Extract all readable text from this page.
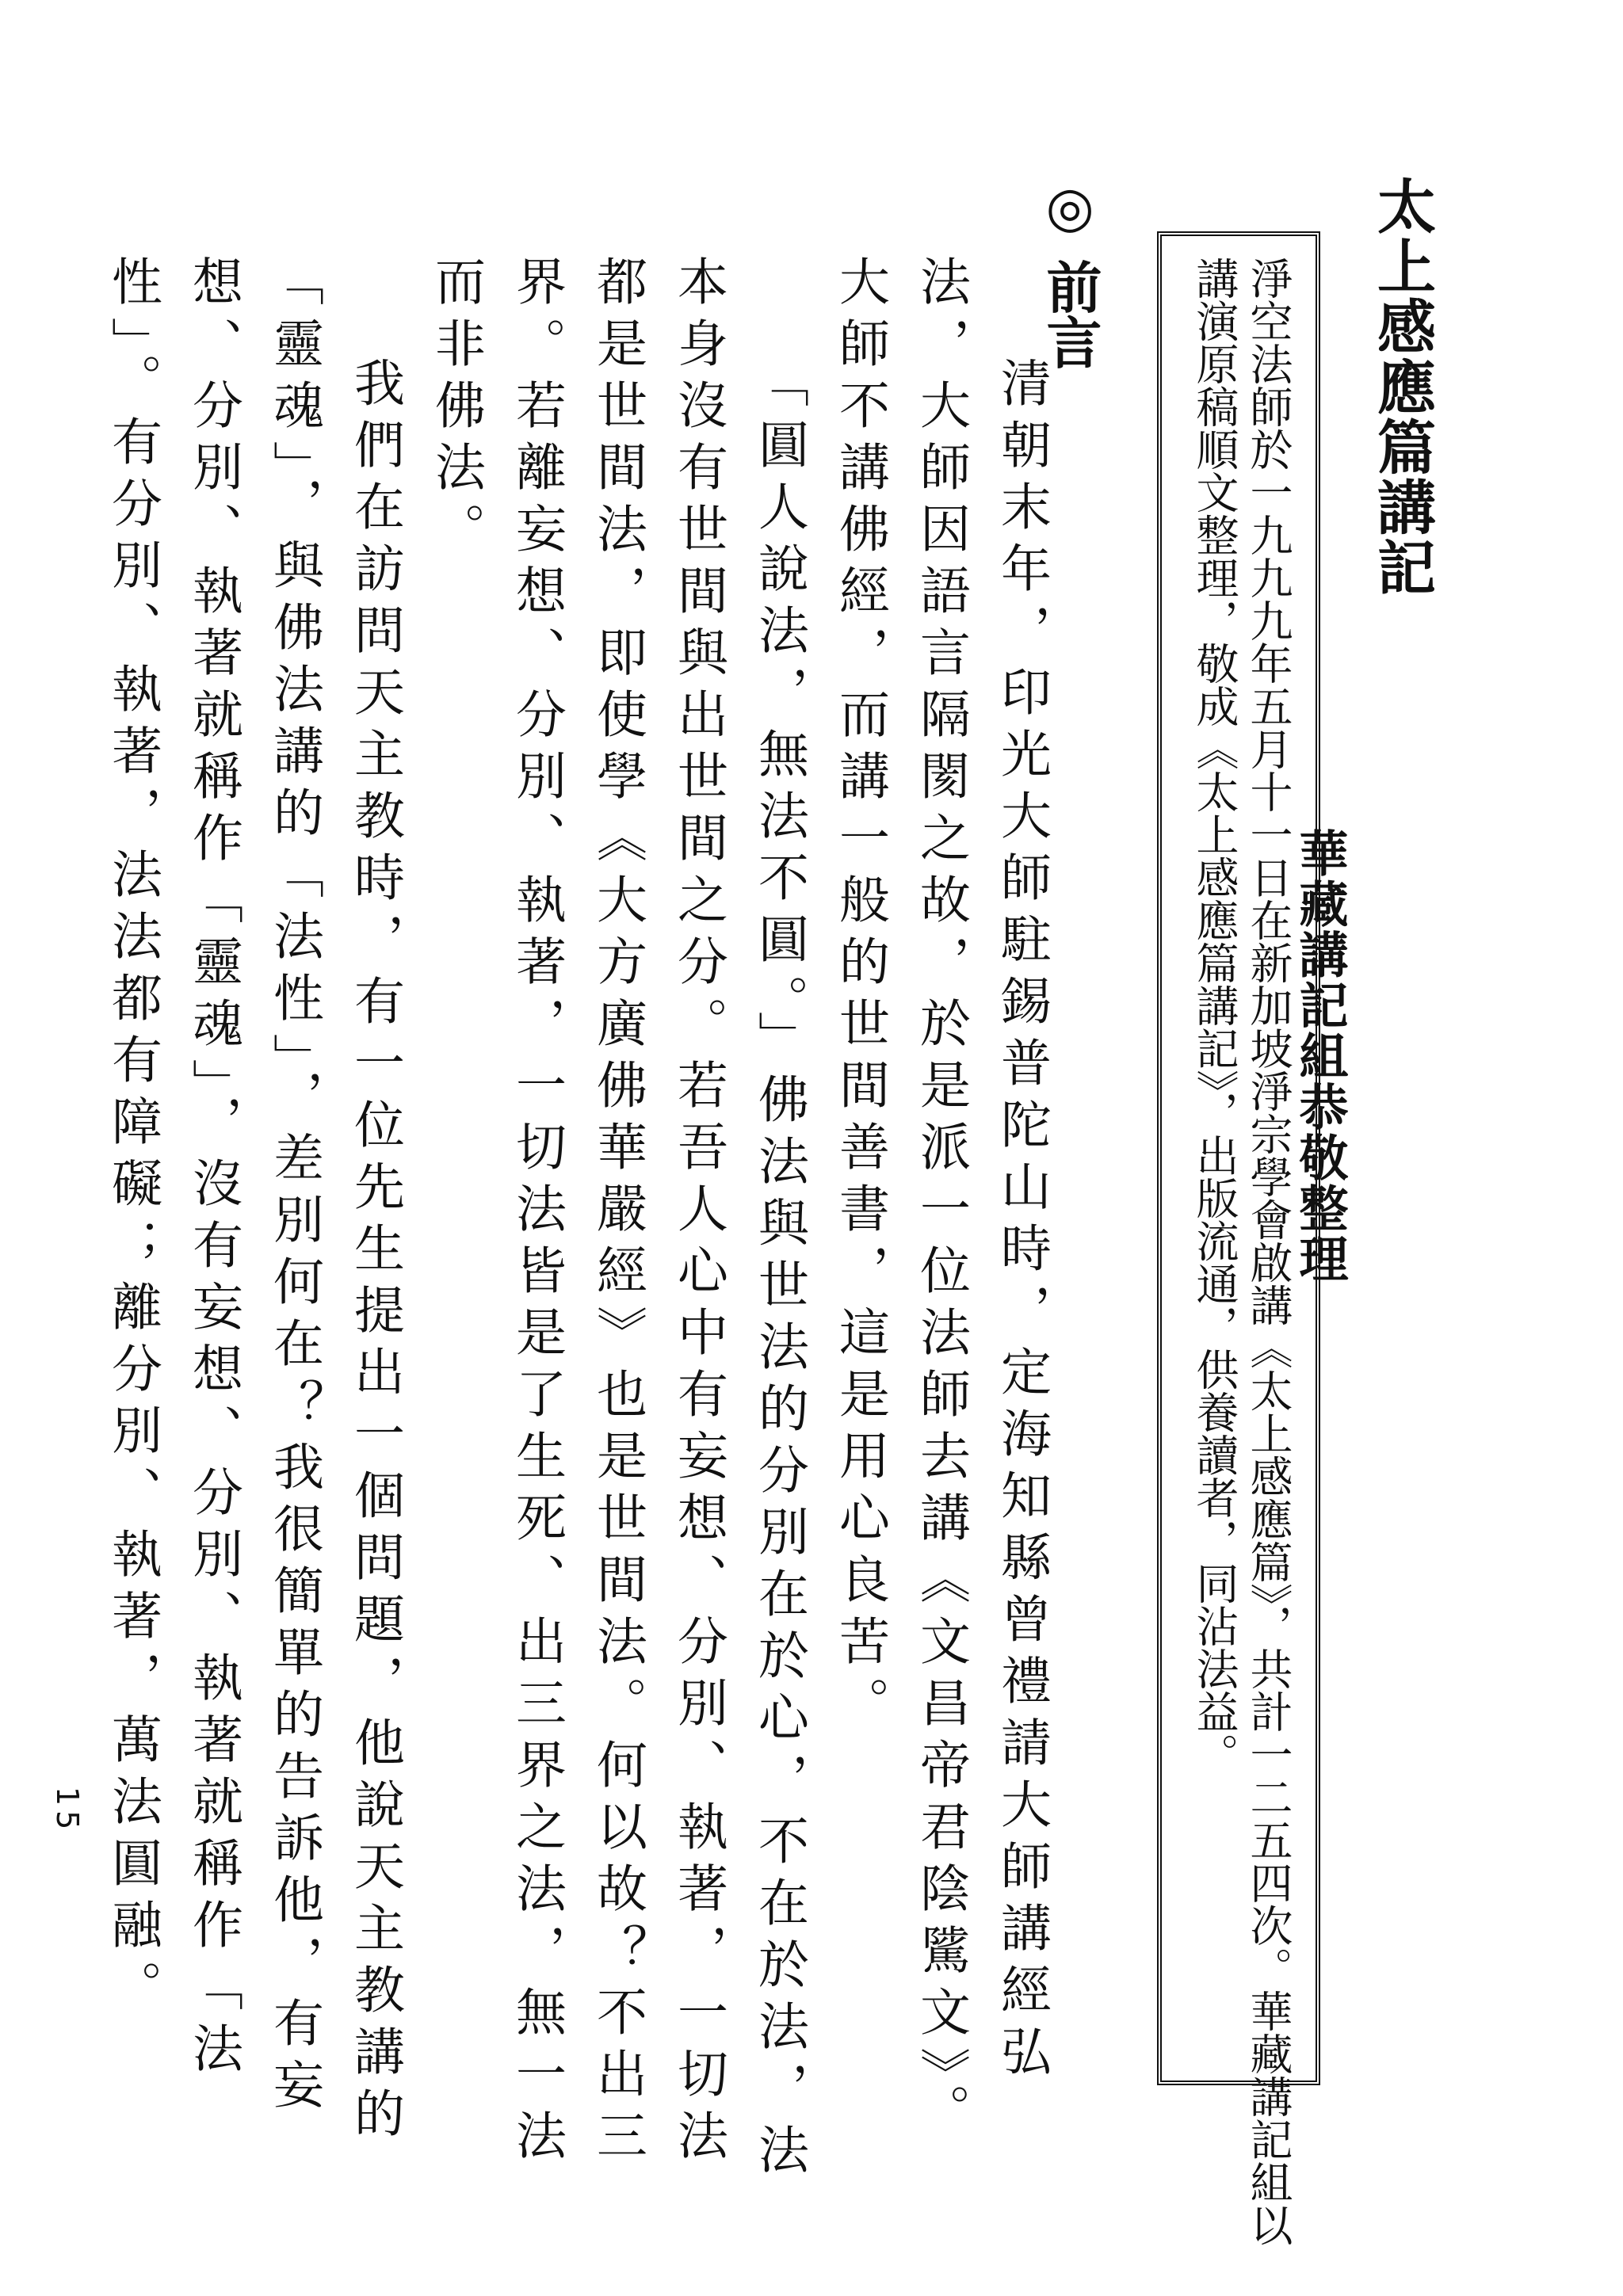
太上感應篇講記
華藏講記組恭敬整理
淨空法師於一九九九年五月十一日在新加坡淨宗學會啟講《太上感應篇》，共計一二五四次。華藏講記組以
講演原稿順文整理，敬成《太上感應篇講記》，出版流通，供養讀者，同沾法益。
◎ 前言

清朝末年，印光大師駐錫普陀山時，定海知縣曾禮請大師講經弘法，大師因語言隔閡之故，於是派一位法師去講《文昌帝君陰騭文》。大師不講佛經，而講一般的世間善書，這是用心良苦。

「圓人說法，無法不圓。」佛法與世法的分別在於心，不在於法，法本身沒有世間與出世間之分。若吾人心中有妄想、分別、執著，一切法都是世間法，即使學《大方廣佛華嚴經》也是世間法。何以故？不出三界。若離妄想、分別、執著，一切法皆是了生死、出三界之法，無一法而非佛法。

我們在訪問天主教時，有一位先生提出一個問題，他說天主教講的「靈魂」，與佛法講的「法性」，差別何在？我很簡單的告訴他，有妄想、分別、執著就稱作「靈魂」，沒有妄想、分別、執著就稱作「法性」。有分別、執著，法法都有障礙；離分別、執著，萬法圓融。

15
